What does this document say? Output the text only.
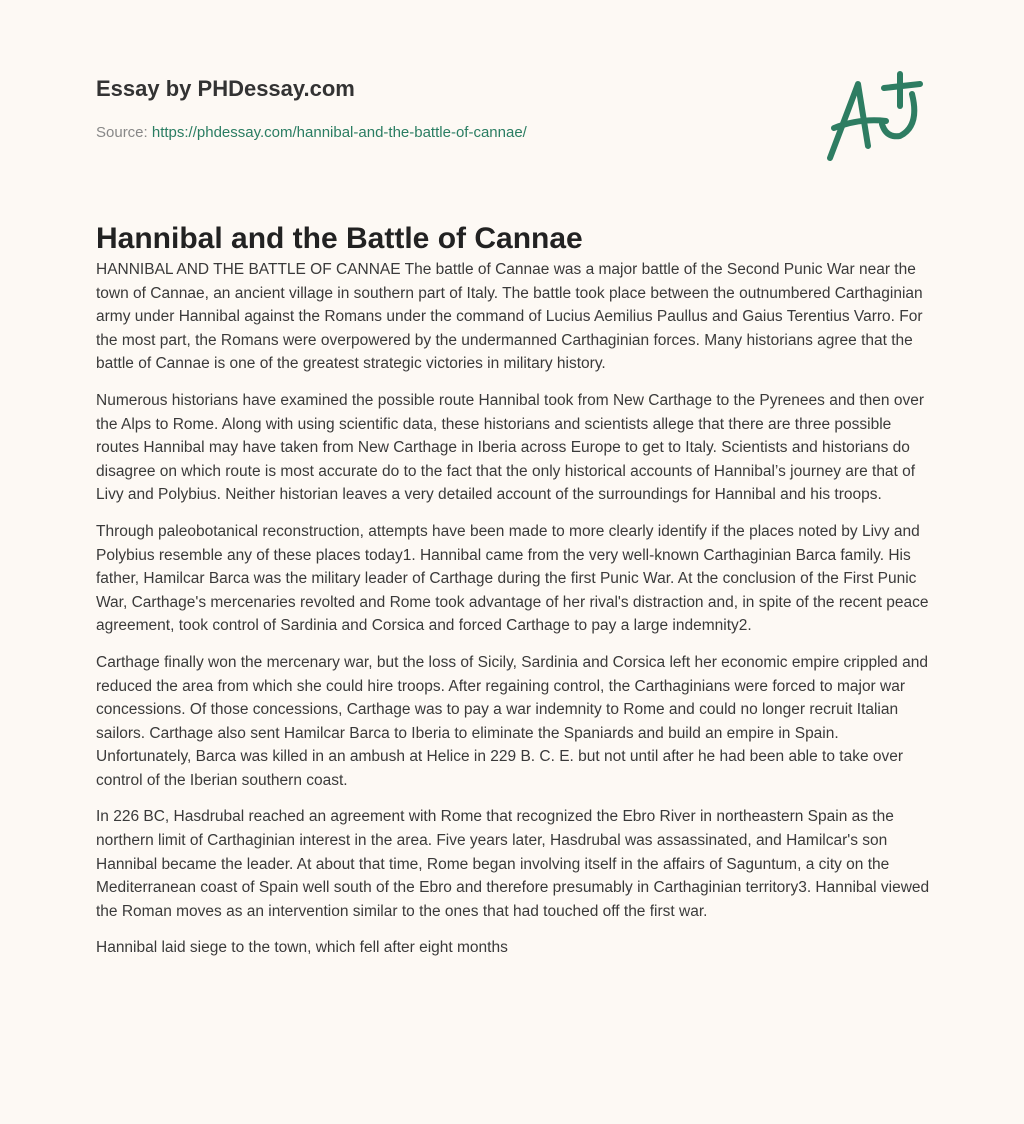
Essay by PHDessay.com
Source: https://phdessay.com/hannibal-and-the-battle-of-cannae/
Hannibal and the Battle of Cannae

HANNIBAL AND THE BATTLE OF CANNAE The battle of Cannae was a major battle of the Second Punic War near the town of Cannae, an ancient village in southern part of Italy. The battle took place between the outnumbered Carthaginian army under Hannibal against the Romans under the command of Lucius Aemilius Paullus and Gaius Terentius Varro. For the most part, the Romans were overpowered by the undermanned Carthaginian forces. Many historians agree that the battle of Cannae is one of the greatest strategic victories in military history.

Numerous historians have examined the possible route Hannibal took from New Carthage to the Pyrenees and then over the Alps to Rome. Along with using scientific data, these historians and scientists allege that there are three possible routes Hannibal may have taken from New Carthage in Iberia across Europe to get to Italy. Scientists and historians do disagree on which route is most accurate do to the fact that the only historical accounts of Hannibal’s journey are that of Livy and Polybius. Neither historian leaves a very detailed account of the surroundings for Hannibal and his troops.

Through paleobotanical reconstruction, attempts have been made to more clearly identify if the places noted by Livy and Polybius resemble any of these places today1. Hannibal came from the very well-known Carthaginian Barca family. His father, Hamilcar Barca was the military leader of Carthage during the first Punic War. At the conclusion of the First Punic War, Carthage's mercenaries revolted and Rome took advantage of her rival's distraction and, in spite of the recent peace agreement, took control of Sardinia and Corsica and forced Carthage to pay a large indemnity2.

Carthage finally won the mercenary war, but the loss of Sicily, Sardinia and Corsica left her economic empire crippled and reduced the area from which she could hire troops. After regaining control, the Carthaginians were forced to major war concessions. Of those concessions, Carthage was to pay a war indemnity to Rome and could no longer recruit Italian sailors. Carthage also sent Hamilcar Barca to Iberia to eliminate the Spaniards and build an empire in Spain. Unfortunately, Barca was killed in an ambush at Helice in 229 B. C. E. but not until after he had been able to take over control of the Iberian southern coast.

In 226 BC, Hasdrubal reached an agreement with Rome that recognized the Ebro River in northeastern Spain as the northern limit of Carthaginian interest in the area. Five years later, Hasdrubal was assassinated, and Hamilcar's son Hannibal became the leader. At about that time, Rome began involving itself in the affairs of Saguntum, a city on the Mediterranean coast of Spain well south of the Ebro and therefore presumably in Carthaginian territory3. Hannibal viewed the Roman moves as an intervention similar to the ones that had touched off the first war.

Hannibal laid siege to the town, which fell after eight months
